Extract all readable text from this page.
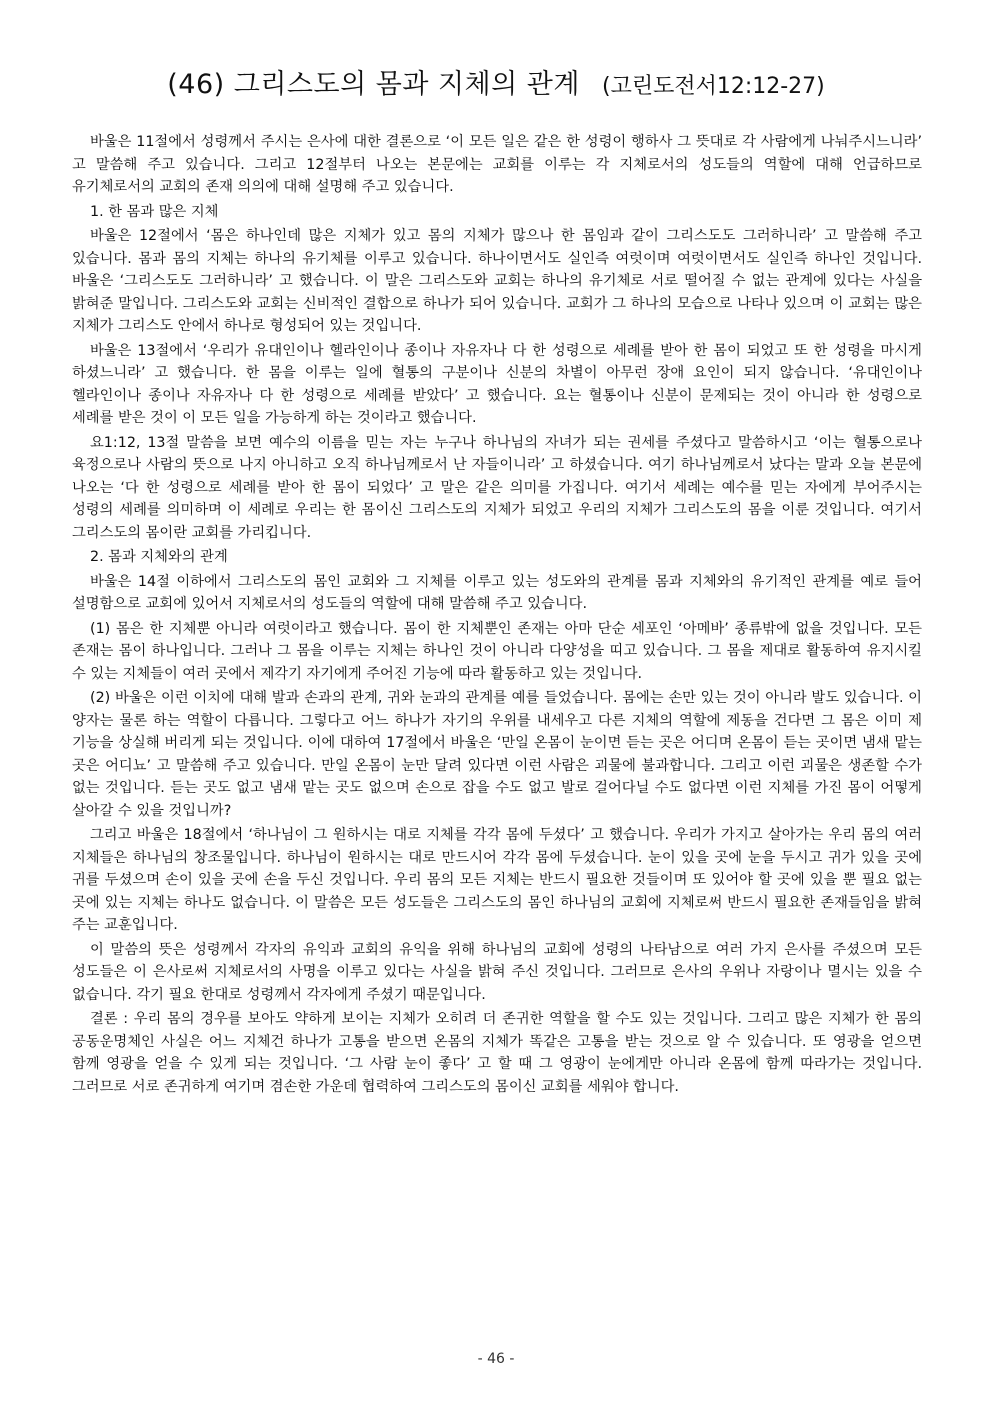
(46) 그리스도의 몸과 지체의 관계 (고린도전서12:12-27)

바울은 11절에서 성령께서 주시는 은사에 대한 결론으로 ‘이 모든 일은 같은 한 성령이 행하사 그 뜻대로 각 사람에게 나눠주시느니라’ 고 말씀해 주고 있습니다. 그리고 12절부터 나오는 본문에는 교회를 이루는 각 지체로서의 성도들의 역할에 대해 언급하므로 유기체로서의 교회의 존재 의의에 대해 설명해 주고 있습니다.

1. 한 몸과 많은 지체

바울은 12절에서 ‘몸은 하나인데 많은 지체가 있고 몸의 지체가 많으나 한 몸임과 같이 그리스도도 그러하니라’ 고 말씀해 주고 있습니다. 몸과 몸의 지체는 하나의 유기체를 이루고 있습니다. 하나이면서도 실인즉 여럿이며 여럿이면서도 실인즉 하나인 것입니다. 바울은 ‘그리스도도 그러하니라’ 고 했습니다. 이 말은 그리스도와 교회는 하나의 유기체로 서로 떨어질 수 없는 관계에 있다는 사실을 밝혀준 말입니다. 그리스도와 교회는 신비적인 결합으로 하나가 되어 있습니다. 교회가 그 하나의 모습으로 나타나 있으며 이 교회는 많은 지체가 그리스도 안에서 하나로 형성되어 있는 것입니다.

바울은 13절에서 ‘우리가 유대인이나 헬라인이나 종이나 자유자나 다 한 성령으로 세례를 받아 한 몸이 되었고 또 한 성령을 마시게 하셨느니라’ 고 했습니다. 한 몸을 이루는 일에 혈통의 구분이나 신분의 차별이 아무런 장애 요인이 되지 않습니다. ‘유대인이나 헬라인이나 종이나 자유자나 다 한 성령으로 세례를 받았다’ 고 했습니다. 요는 혈통이나 신분이 문제되는 것이 아니라 한 성령으로 세례를 받은 것이 이 모든 일을 가능하게 하는 것이라고 했습니다.

요1:12, 13절 말씀을 보면 예수의 이름을 믿는 자는 누구나 하나님의 자녀가 되는 권세를 주셨다고 말씀하시고 ‘이는 혈통으로나 육정으로나 사람의 뜻으로 나지 아니하고 오직 하나님께로서 난 자들이니라’ 고 하셨습니다. 여기 하나님께로서 났다는 말과 오늘 본문에 나오는 ‘다 한 성령으로 세례를 받아 한 몸이 되었다’ 고 말은 같은 의미를 가집니다. 여기서 세례는 예수를 믿는 자에게 부어주시는 성령의 세례를 의미하며 이 세례로 우리는 한 몸이신 그리스도의 지체가 되었고 우리의 지체가 그리스도의 몸을 이룬 것입니다. 여기서 그리스도의 몸이란 교회를 가리킵니다.

2. 몸과 지체와의 관계

바울은 14절 이하에서 그리스도의 몸인 교회와 그 지체를 이루고 있는 성도와의 관계를 몸과 지체와의 유기적인 관계를 예로 들어 설명함으로 교회에 있어서 지체로서의 성도들의 역할에 대해 말씀해 주고 있습니다.

(1) 몸은 한 지체뿐 아니라 여럿이라고 했습니다. 몸이 한 지체뿐인 존재는 아마 단순 세포인 ‘아메바’ 종류밖에 없을 것입니다. 모든 존재는 몸이 하나입니다. 그러나 그 몸을 이루는 지체는 하나인 것이 아니라 다양성을 띠고 있습니다. 그 몸을 제대로 활동하여 유지시킬 수 있는 지체들이 여러 곳에서 제각기 자기에게 주어진 기능에 따라 활동하고 있는 것입니다.

(2) 바울은 이런 이치에 대해 발과 손과의 관계, 귀와 눈과의 관계를 예를 들었습니다. 몸에는 손만 있는 것이 아니라 발도 있습니다. 이 양자는 물론 하는 역할이 다릅니다. 그렇다고 어느 하나가 자기의 우위를 내세우고 다른 지체의 역할에 제동을 건다면 그 몸은 이미 제 기능을 상실해 버리게 되는 것입니다. 이에 대하여 17절에서 바울은 ‘만일 온몸이 눈이면 듣는 곳은 어디며 온몸이 듣는 곳이면 냄새 맡는 곳은 어디뇨’ 고 말씀해 주고 있습니다. 만일 온몸이 눈만 달려 있다면 이런 사람은 괴물에 불과합니다. 그리고 이런 괴물은 생존할 수가 없는 것입니다. 듣는 곳도 없고 냄새 맡는 곳도 없으며 손으로 잡을 수도 없고 발로 걸어다닐 수도 없다면 이런 지체를 가진 몸이 어떻게 살아갈 수 있을 것입니까?

그리고 바울은 18절에서 ‘하나님이 그 원하시는 대로 지체를 각각 몸에 두셨다’ 고 했습니다. 우리가 가지고 살아가는 우리 몸의 여러 지체들은 하나님의 창조물입니다. 하나님이 원하시는 대로 만드시어 각각 몸에 두셨습니다. 눈이 있을 곳에 눈을 두시고 귀가 있을 곳에 귀를 두셨으며 손이 있을 곳에 손을 두신 것입니다. 우리 몸의 모든 지체는 반드시 필요한 것들이며 또 있어야 할 곳에 있을 뿐 필요 없는 곳에 있는 지체는 하나도 없습니다. 이 말씀은 모든 성도들은 그리스도의 몸인 하나님의 교회에 지체로써 반드시 필요한 존재들임을 밝혀 주는 교훈입니다.

이 말씀의 뜻은 성령께서 각자의 유익과 교회의 유익을 위해 하나님의 교회에 성령의 나타남으로 여러 가지 은사를 주셨으며 모든 성도들은 이 은사로써 지체로서의 사명을 이루고 있다는 사실을 밝혀 주신 것입니다. 그러므로 은사의 우위나 자랑이나 멸시는 있을 수 없습니다. 각기 필요 한대로 성령께서 각자에게 주셨기 때문입니다.

결론 : 우리 몸의 경우를 보아도 약하게 보이는 지체가 오히려 더 존귀한 역할을 할 수도 있는 것입니다. 그리고 많은 지체가 한 몸의 공동운명체인 사실은 어느 지체건 하나가 고통을 받으면 온몸의 지체가 똑같은 고통을 받는 것으로 알 수 있습니다. 또 영광을 얻으면 함께 영광을 얻을 수 있게 되는 것입니다. ‘그 사람 눈이 좋다’ 고 할 때 그 영광이 눈에게만 아니라 온몸에 함께 따라가는 것입니다. 그러므로 서로 존귀하게 여기며 겸손한 가운데 협력하여 그리스도의 몸이신 교회를 세워야 합니다.

- 46 -
